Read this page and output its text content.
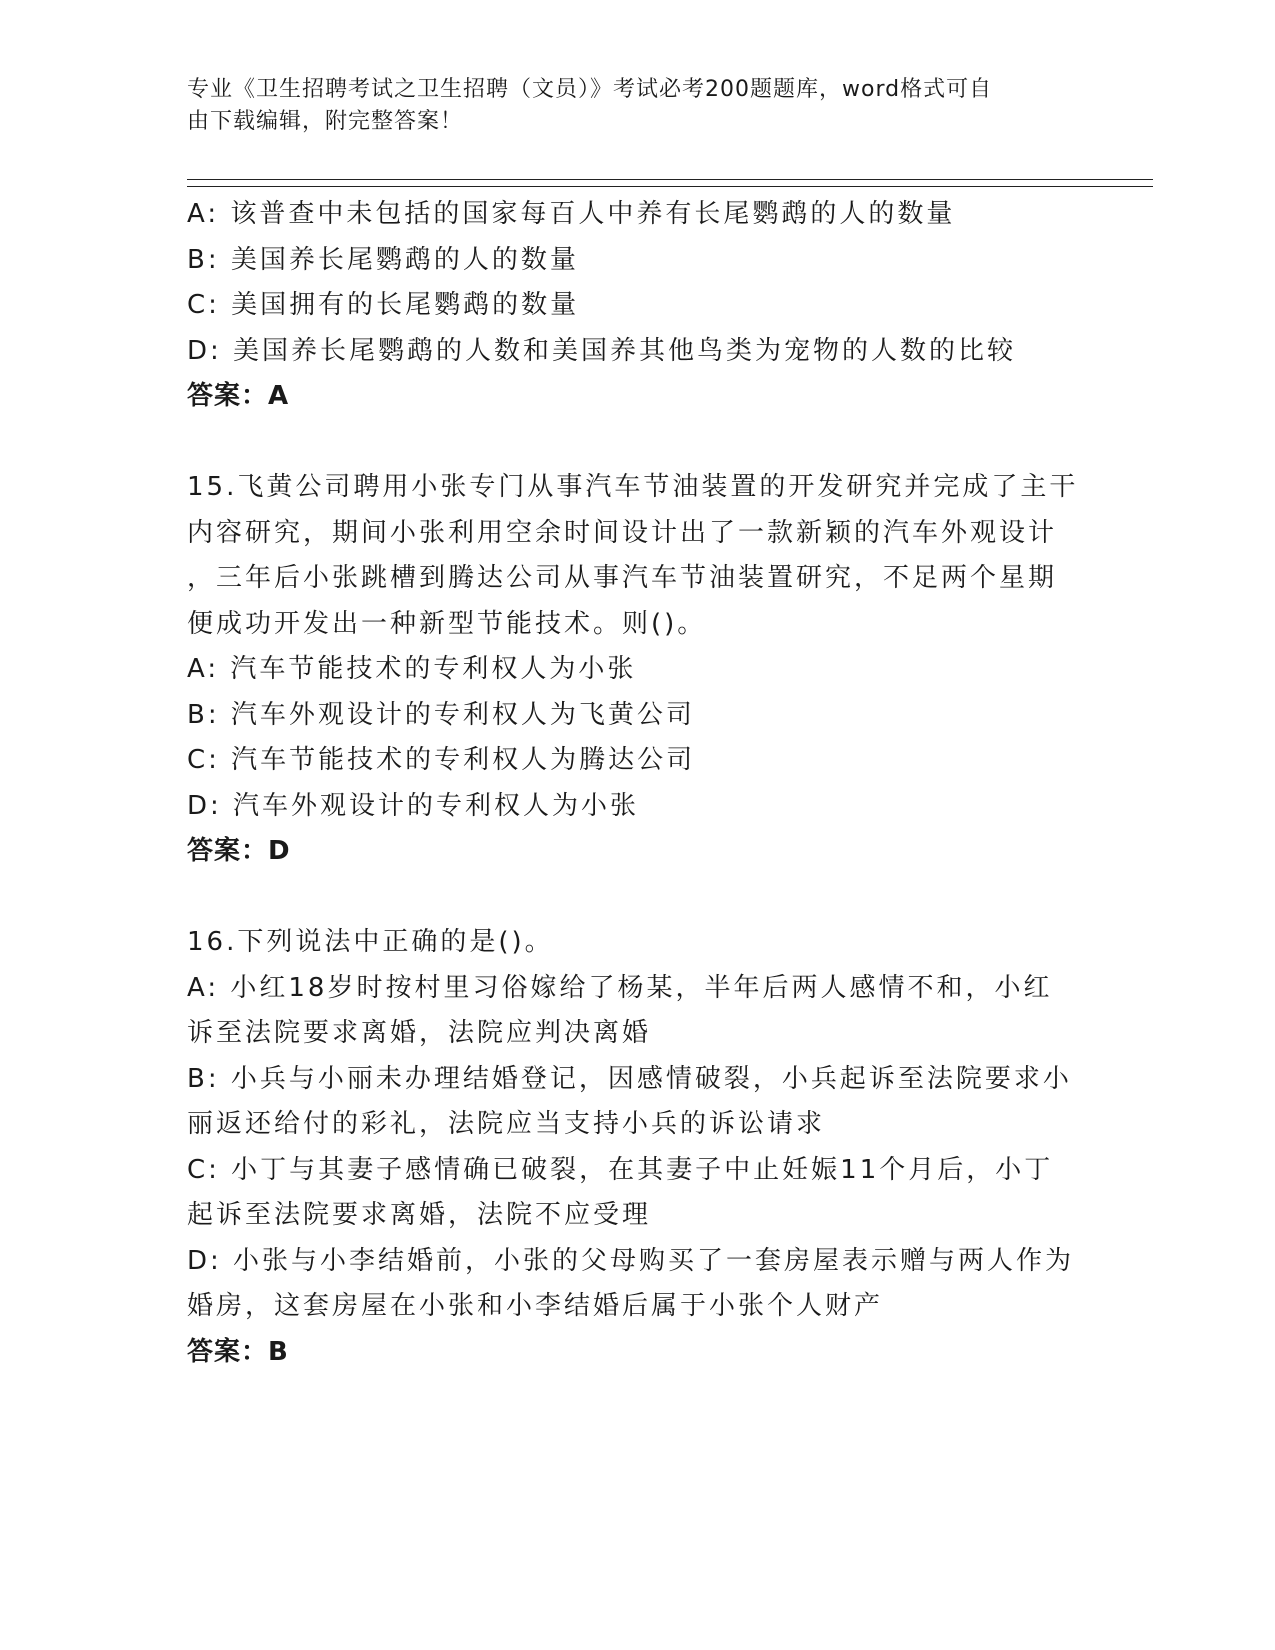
专业《卫生招聘考试之卫生招聘（文员）》考试必考200题题库，word格式可自
由下载编辑，附完整答案！
A: 该普查中未包括的国家每百人中养有长尾鹦鹉的人的数量
B: 美国养长尾鹦鹉的人的数量
C: 美国拥有的长尾鹦鹉的数量
D: 美国养长尾鹦鹉的人数和美国养其他鸟类为宠物的人数的比较
答案：A
15.飞黄公司聘用小张专门从事汽车节油装置的开发研究并完成了主干
内容研究，期间小张利用空余时间设计出了一款新颖的汽车外观设计
，三年后小张跳槽到腾达公司从事汽车节油装置研究，不足两个星期
便成功开发出一种新型节能技术。则()。
A: 汽车节能技术的专利权人为小张
B: 汽车外观设计的专利权人为飞黄公司
C: 汽车节能技术的专利权人为腾达公司
D: 汽车外观设计的专利权人为小张
答案：D
16.下列说法中正确的是()。
A: 小红18岁时按村里习俗嫁给了杨某，半年后两人感情不和，小红
诉至法院要求离婚，法院应判决离婚
B: 小兵与小丽未办理结婚登记，因感情破裂，小兵起诉至法院要求小
丽返还给付的彩礼，法院应当支持小兵的诉讼请求
C: 小丁与其妻子感情确已破裂，在其妻子中止妊娠11个月后，小丁
起诉至法院要求离婚，法院不应受理
D: 小张与小李结婚前，小张的父母购买了一套房屋表示赠与两人作为
婚房，这套房屋在小张和小李结婚后属于小张个人财产
答案：B
